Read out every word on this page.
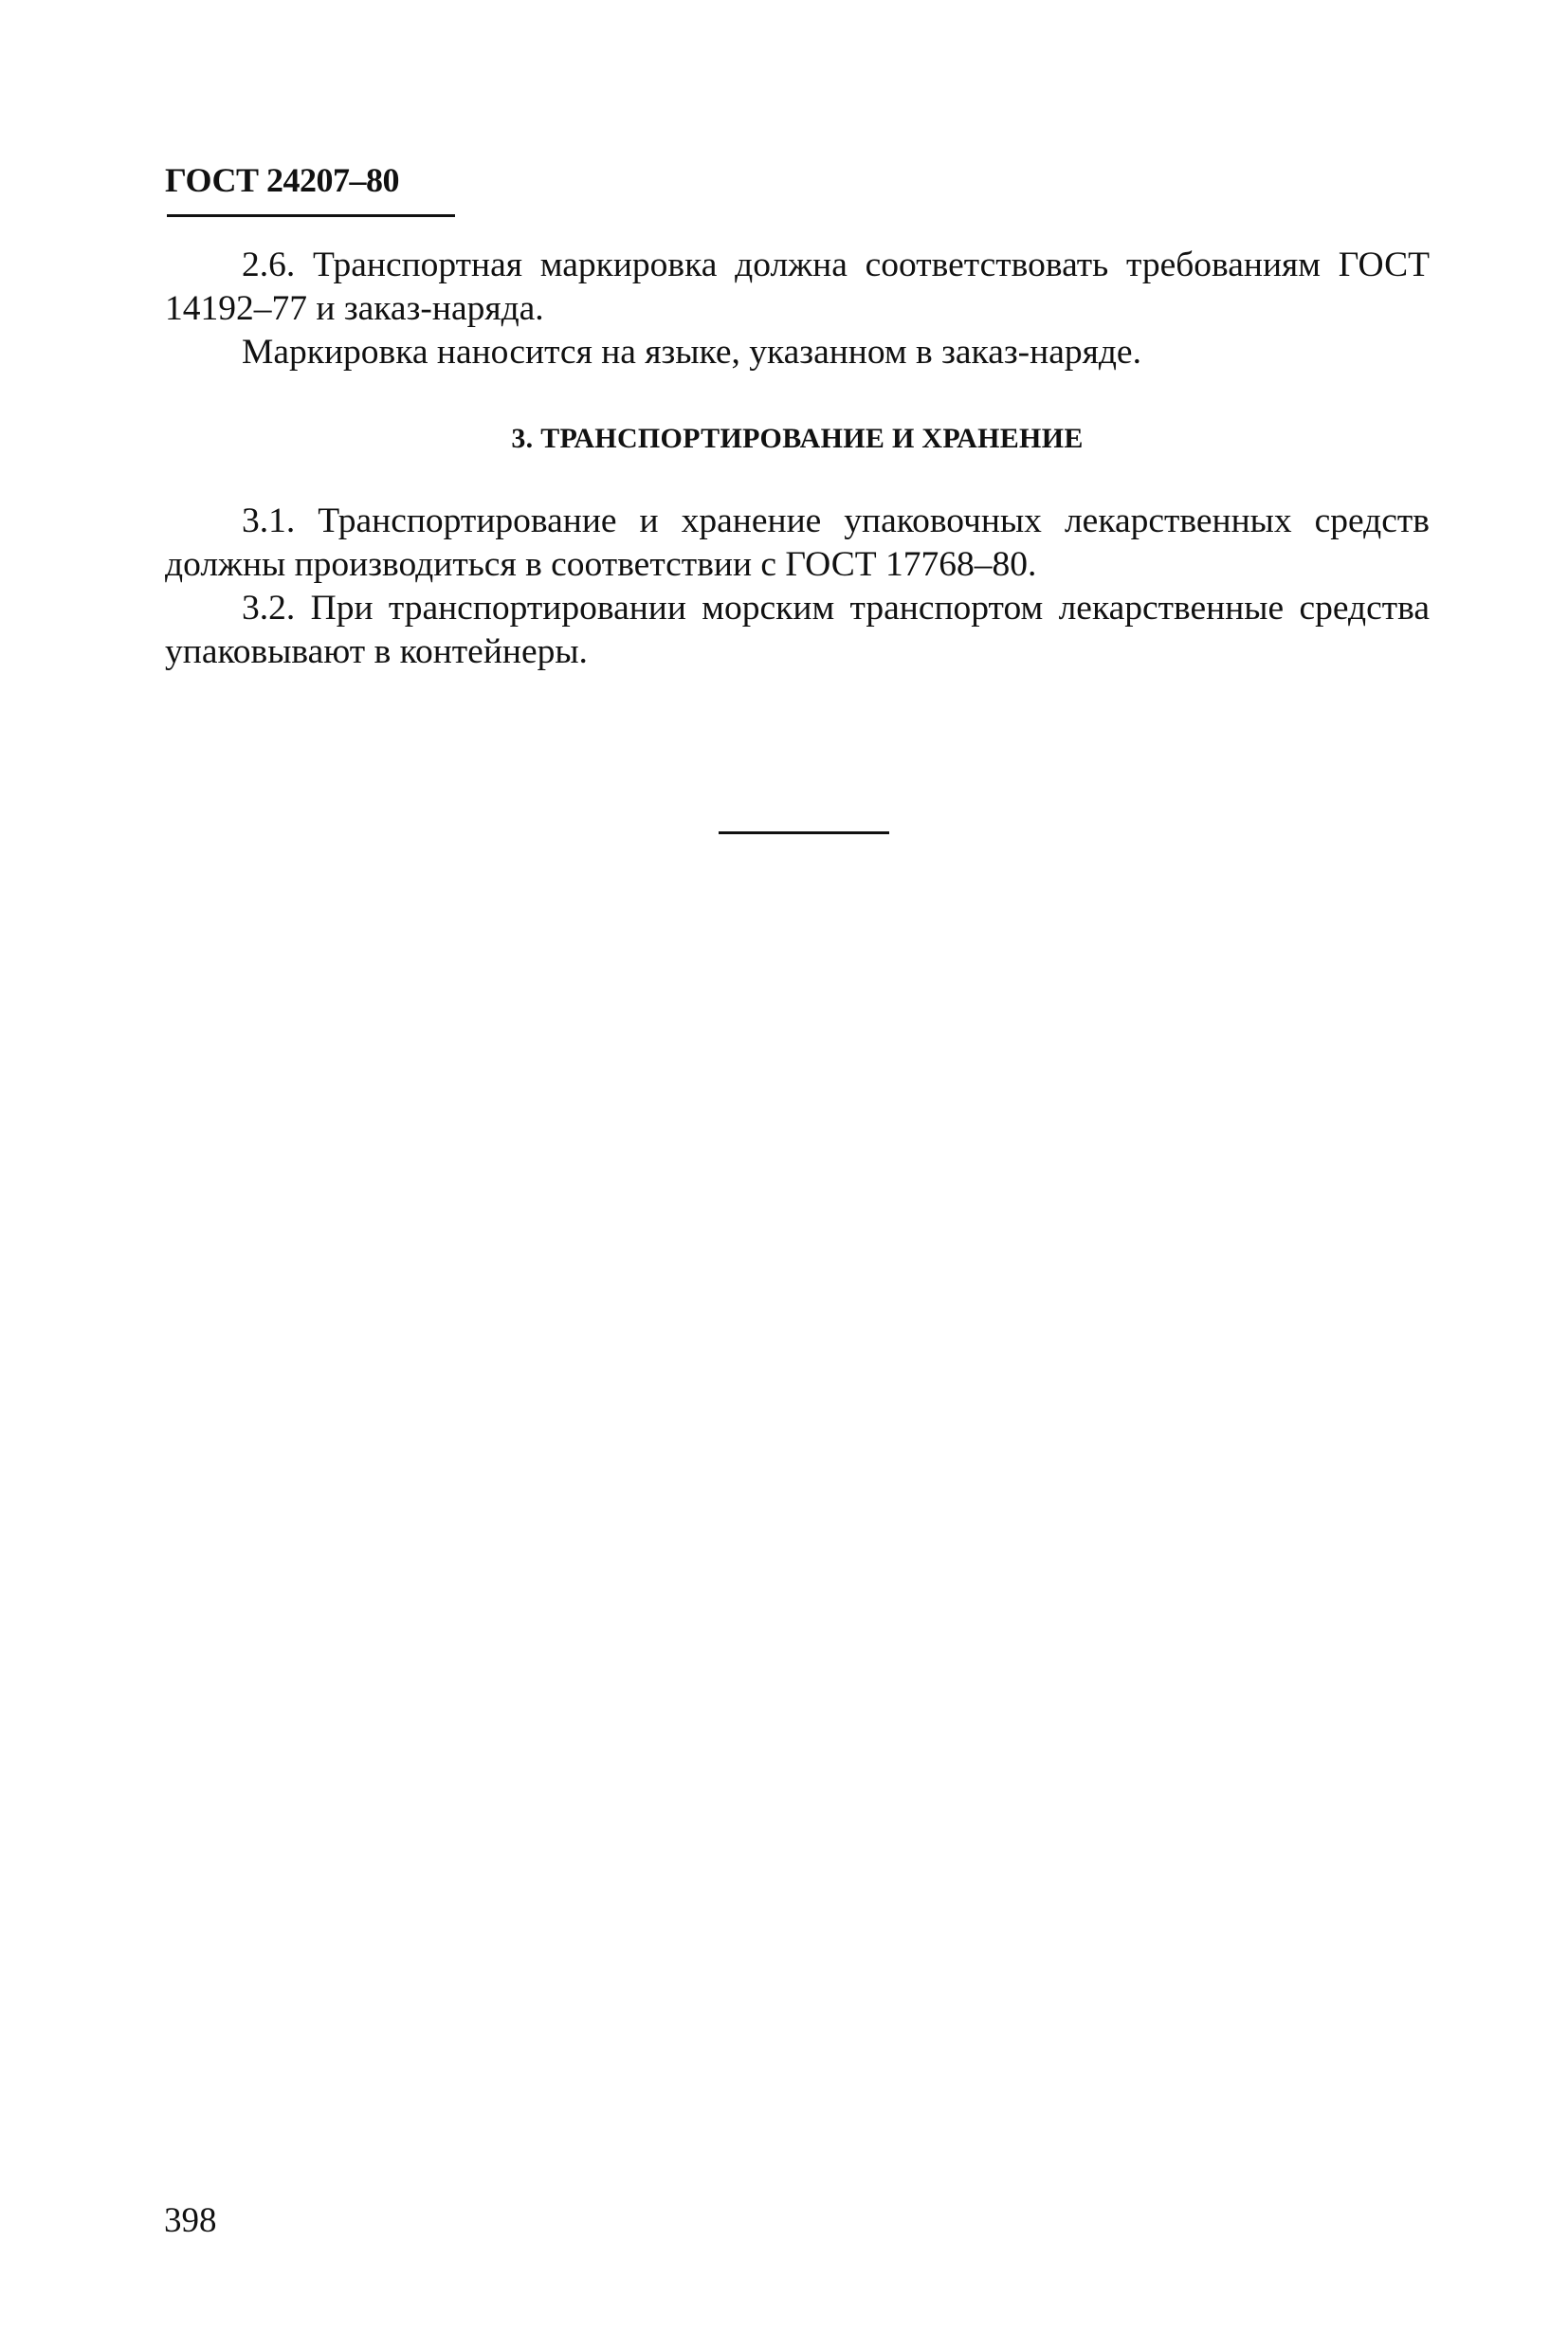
ГОСТ 24207–80

2.6. Транспортная маркировка должна соответствовать требованиям ГОСТ 14192–77 и заказ-наряда.

Маркировка наносится на языке, указанном в заказ-наряде.

3. ТРАНСПОРТИРОВАНИЕ И ХРАНЕНИЕ

3.1. Транспортирование и хранение упаковочных лекарственных средств должны производиться в соответствии с ГОСТ 17768–80.

3.2. При транспортировании морским транспортом лекарственные средства упаковывают в контейнеры.

398
